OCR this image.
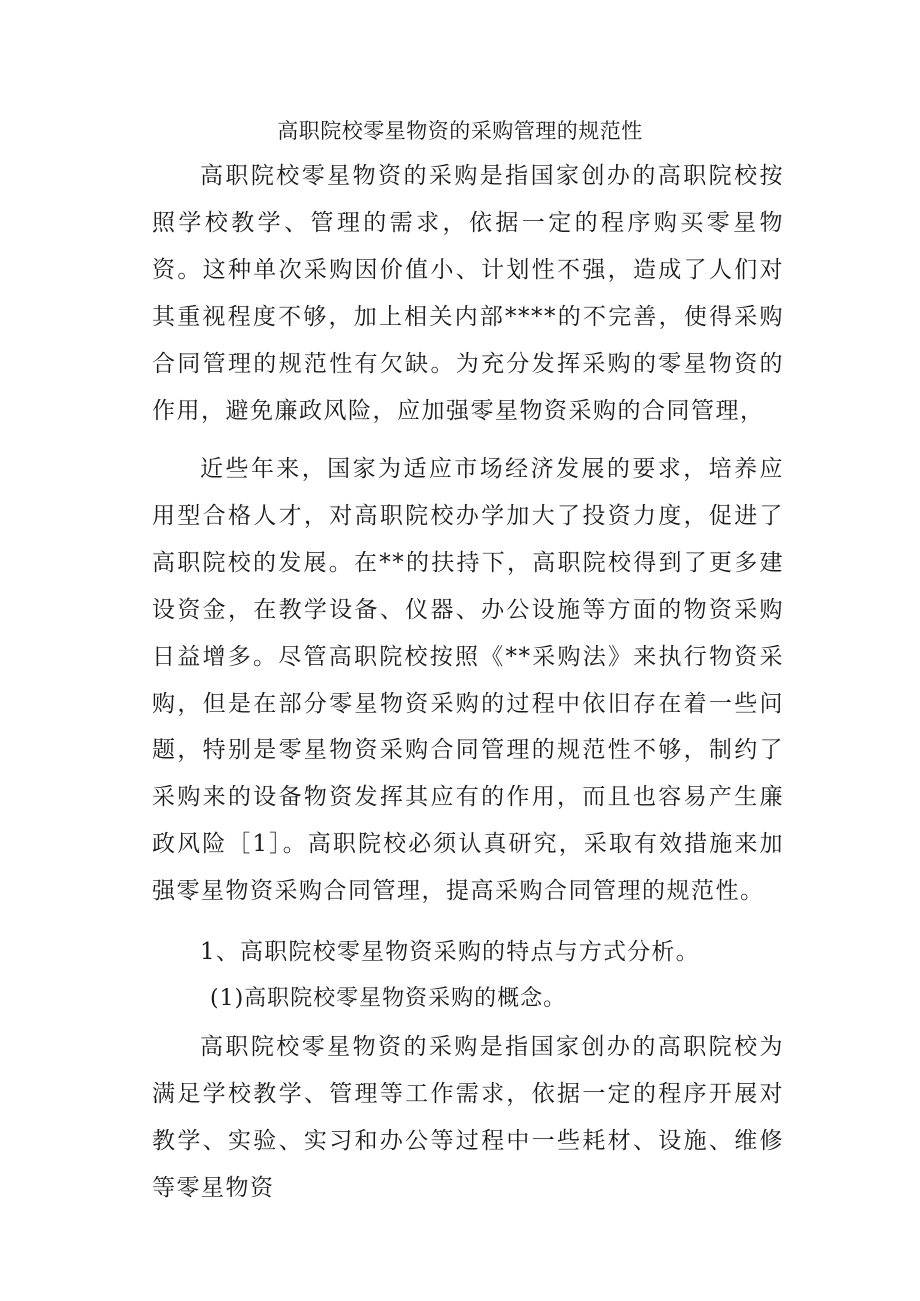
高职院校零星物资的采购管理的规范性

高职院校零星物资的采购是指国家创办的高职院校按照学校教学、管理的需求，依据一定的程序购买零星物资。这种单次采购因价值小、计划性不强，造成了人们对其重视程度不够，加上相关内部****的不完善，使得采购合同管理的规范性有欠缺。为充分发挥采购的零星物资的作用，避免廉政风险，应加强零星物资采购的合同管理，

近些年来，国家为适应市场经济发展的要求，培养应用型合格人才，对高职院校办学加大了投资力度，促进了高职院校的发展。在**的扶持下，高职院校得到了更多建设资金，在教学设备、仪器、办公设施等方面的物资采购日益增多。尽管高职院校按照《**采购法》来执行物资采购，但是在部分零星物资采购的过程中依旧存在着一些问题，特别是零星物资采购合同管理的规范性不够，制约了采购来的设备物资发挥其应有的作用，而且也容易产生廉政风险［1］。高职院校必须认真研究，采取有效措施来加强零星物资采购合同管理，提高采购合同管理的规范性。

1、高职院校零星物资采购的特点与方式分析。

(1)高职院校零星物资采购的概念。

高职院校零星物资的采购是指国家创办的高职院校为满足学校教学、管理等工作需求，依据一定的程序开展对教学、实验、实习和办公等过程中一些耗材、设施、维修等零星物资
